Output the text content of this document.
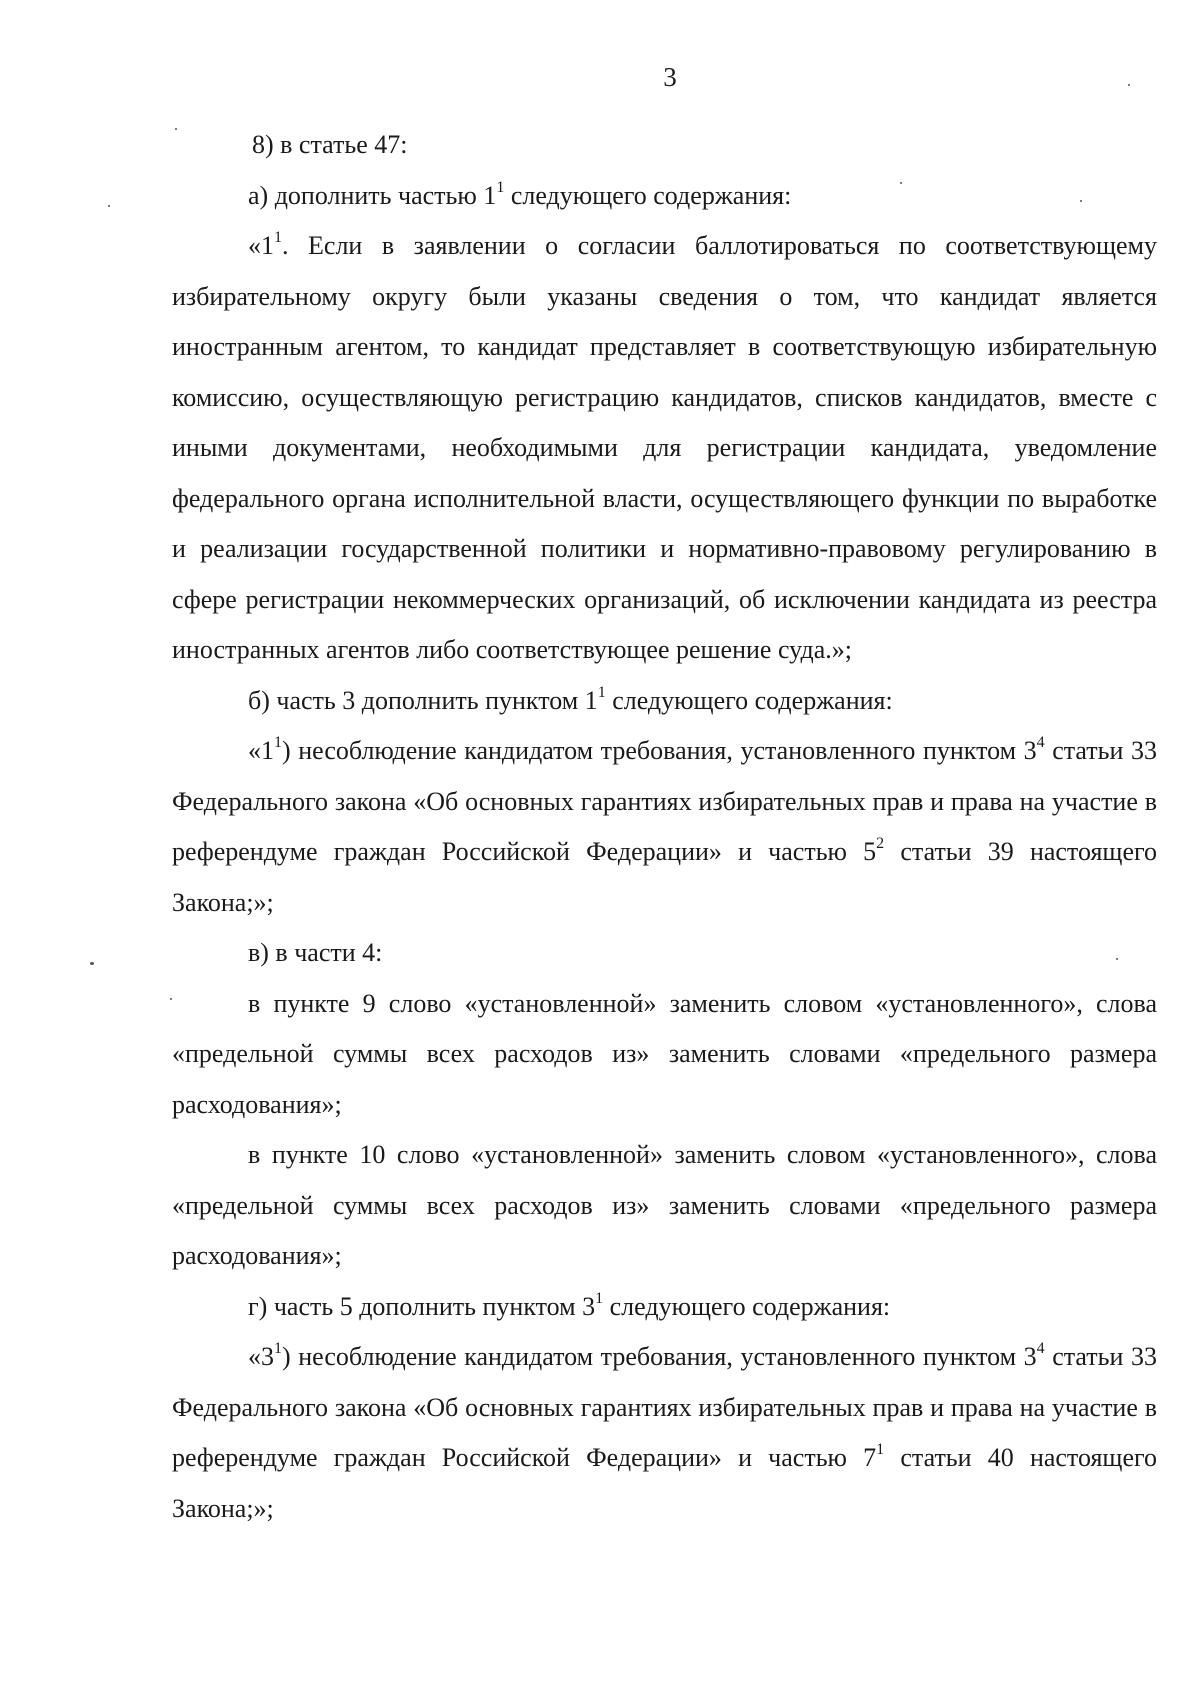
3

8) в статье 47:

а) дополнить частью $1^1$ следующего содержания:

«$1^1$. Если в заявлении о согласии баллотироваться по соответствующему избирательному округу были указаны сведения о том, что кандидат является иностранным агентом, то кандидат представляет в соответствующую избирательную комиссию, осуществляющую регистрацию кандидатов, списков кандидатов, вместе с иными документами, необходимыми для регистрации кандидата, уведомление федерального органа исполнительной власти, осуществляющего функции по выработке и реализации государственной политики и нормативно-правовому регулированию в сфере регистрации некоммерческих организаций, об исключении кандидата из реестра иностранных агентов либо соответствующее решение суда.»;

б) часть 3 дополнить пунктом $1^1$ следующего содержания:

«$1^1$) несоблюдение кандидатом требования, установленного пунктом $3^4$ статьи 33 Федерального закона «Об основных гарантиях избирательных прав и права на участие в референдуме граждан Российской Федерации» и частью $5^2$ статьи 39 настоящего Закона;»;

в) в части 4:

в пункте 9 слово «установленной» заменить словом «установленного», слова «предельной суммы всех расходов из» заменить словами «предельного размера расходования»;

в пункте 10 слово «установленной» заменить словом «установленного», слова «предельной суммы всех расходов из» заменить словами «предельного размера расходования»;

г) часть 5 дополнить пунктом $3^1$ следующего содержания:

«$3^1$) несоблюдение кандидатом требования, установленного пунктом $3^4$ статьи 33 Федерального закона «Об основных гарантиях избирательных прав и права на участие в референдуме граждан Российской Федерации» и частью $7^1$ статьи 40 настоящего Закона;»;
